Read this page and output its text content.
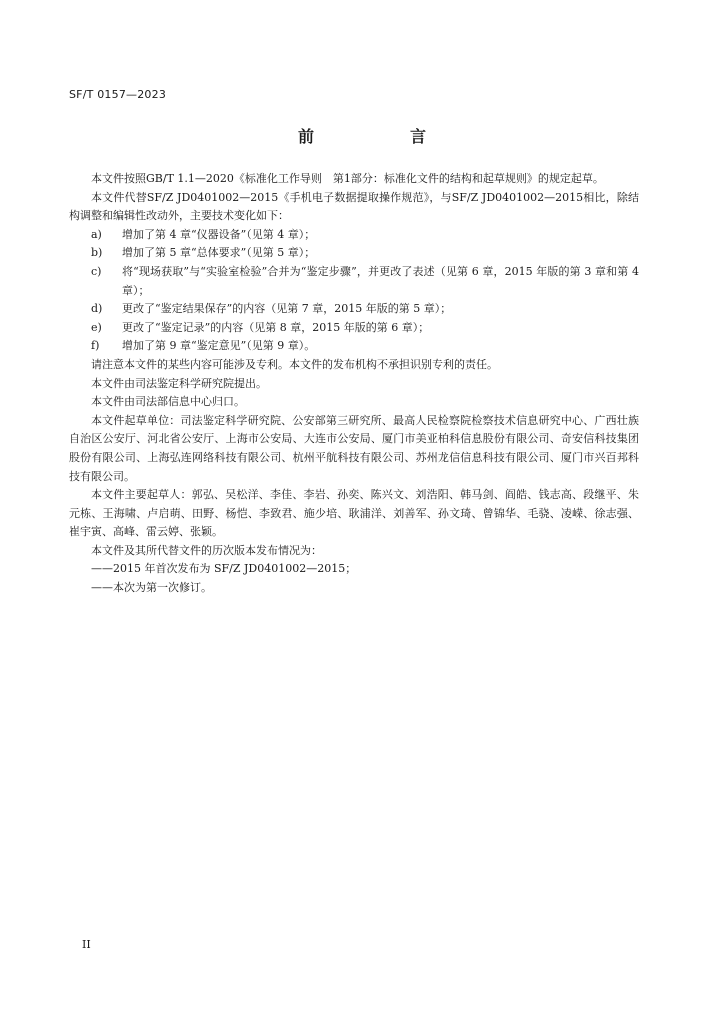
SF/T 0157—2023
前　言

本文件按照GB/T 1.1—2020《标准化工作导则　第1部分：标准化文件的结构和起草规则》的规定起草。

本文件代替SF/Z JD0401002—2015《手机电子数据提取操作规范》，与SF/Z JD0401002—2015相比，除结构调整和编辑性改动外，主要技术变化如下：

a)	增加了第 4 章“仪器设备”（见第 4 章）；
b)	增加了第 5 章“总体要求”（见第 5 章）；
c)	将“现场获取”与“实验室检验”合并为“鉴定步骤”，并更改了表述（见第 6 章，2015 年版的第 3 章和第 4 章）；
d)	更改了“鉴定结果保存”的内容（见第 7 章，2015 年版的第 5 章）；
e)	更改了“鉴定记录”的内容（见第 8 章，2015 年版的第 6 章）；
f)	增加了第 9 章“鉴定意见”（见第 9 章）。

请注意本文件的某些内容可能涉及专利。本文件的发布机构不承担识别专利的责任。

本文件由司法鉴定科学研究院提出。

本文件由司法部信息中心归口。

本文件起草单位：司法鉴定科学研究院、公安部第三研究所、最高人民检察院检察技术信息研究中心、广西壮族自治区公安厅、河北省公安厅、上海市公安局、大连市公安局、厦门市美亚柏科信息股份有限公司、奇安信科技集团股份有限公司、上海弘连网络科技有限公司、杭州平航科技有限公司、苏州龙信信息科技有限公司、厦门市兴百邦科技有限公司。

本文件主要起草人：郭弘、吴松洋、李佳、李岩、孙奕、陈兴文、刘浩阳、韩马剑、阎皓、钱志高、段继平、朱元栋、王海啸、卢启萌、田野、杨恺、李致君、施少培、耿浦洋、刘善军、孙文琦、曾锦华、毛骁、凌嵘、徐志强、崔宇寅、高峰、雷云婷、张颖。

本文件及其所代替文件的历次版本发布情况为：

——2015 年首次发布为 SF/Z JD0401002—2015；

——本次为第一次修订。

II
